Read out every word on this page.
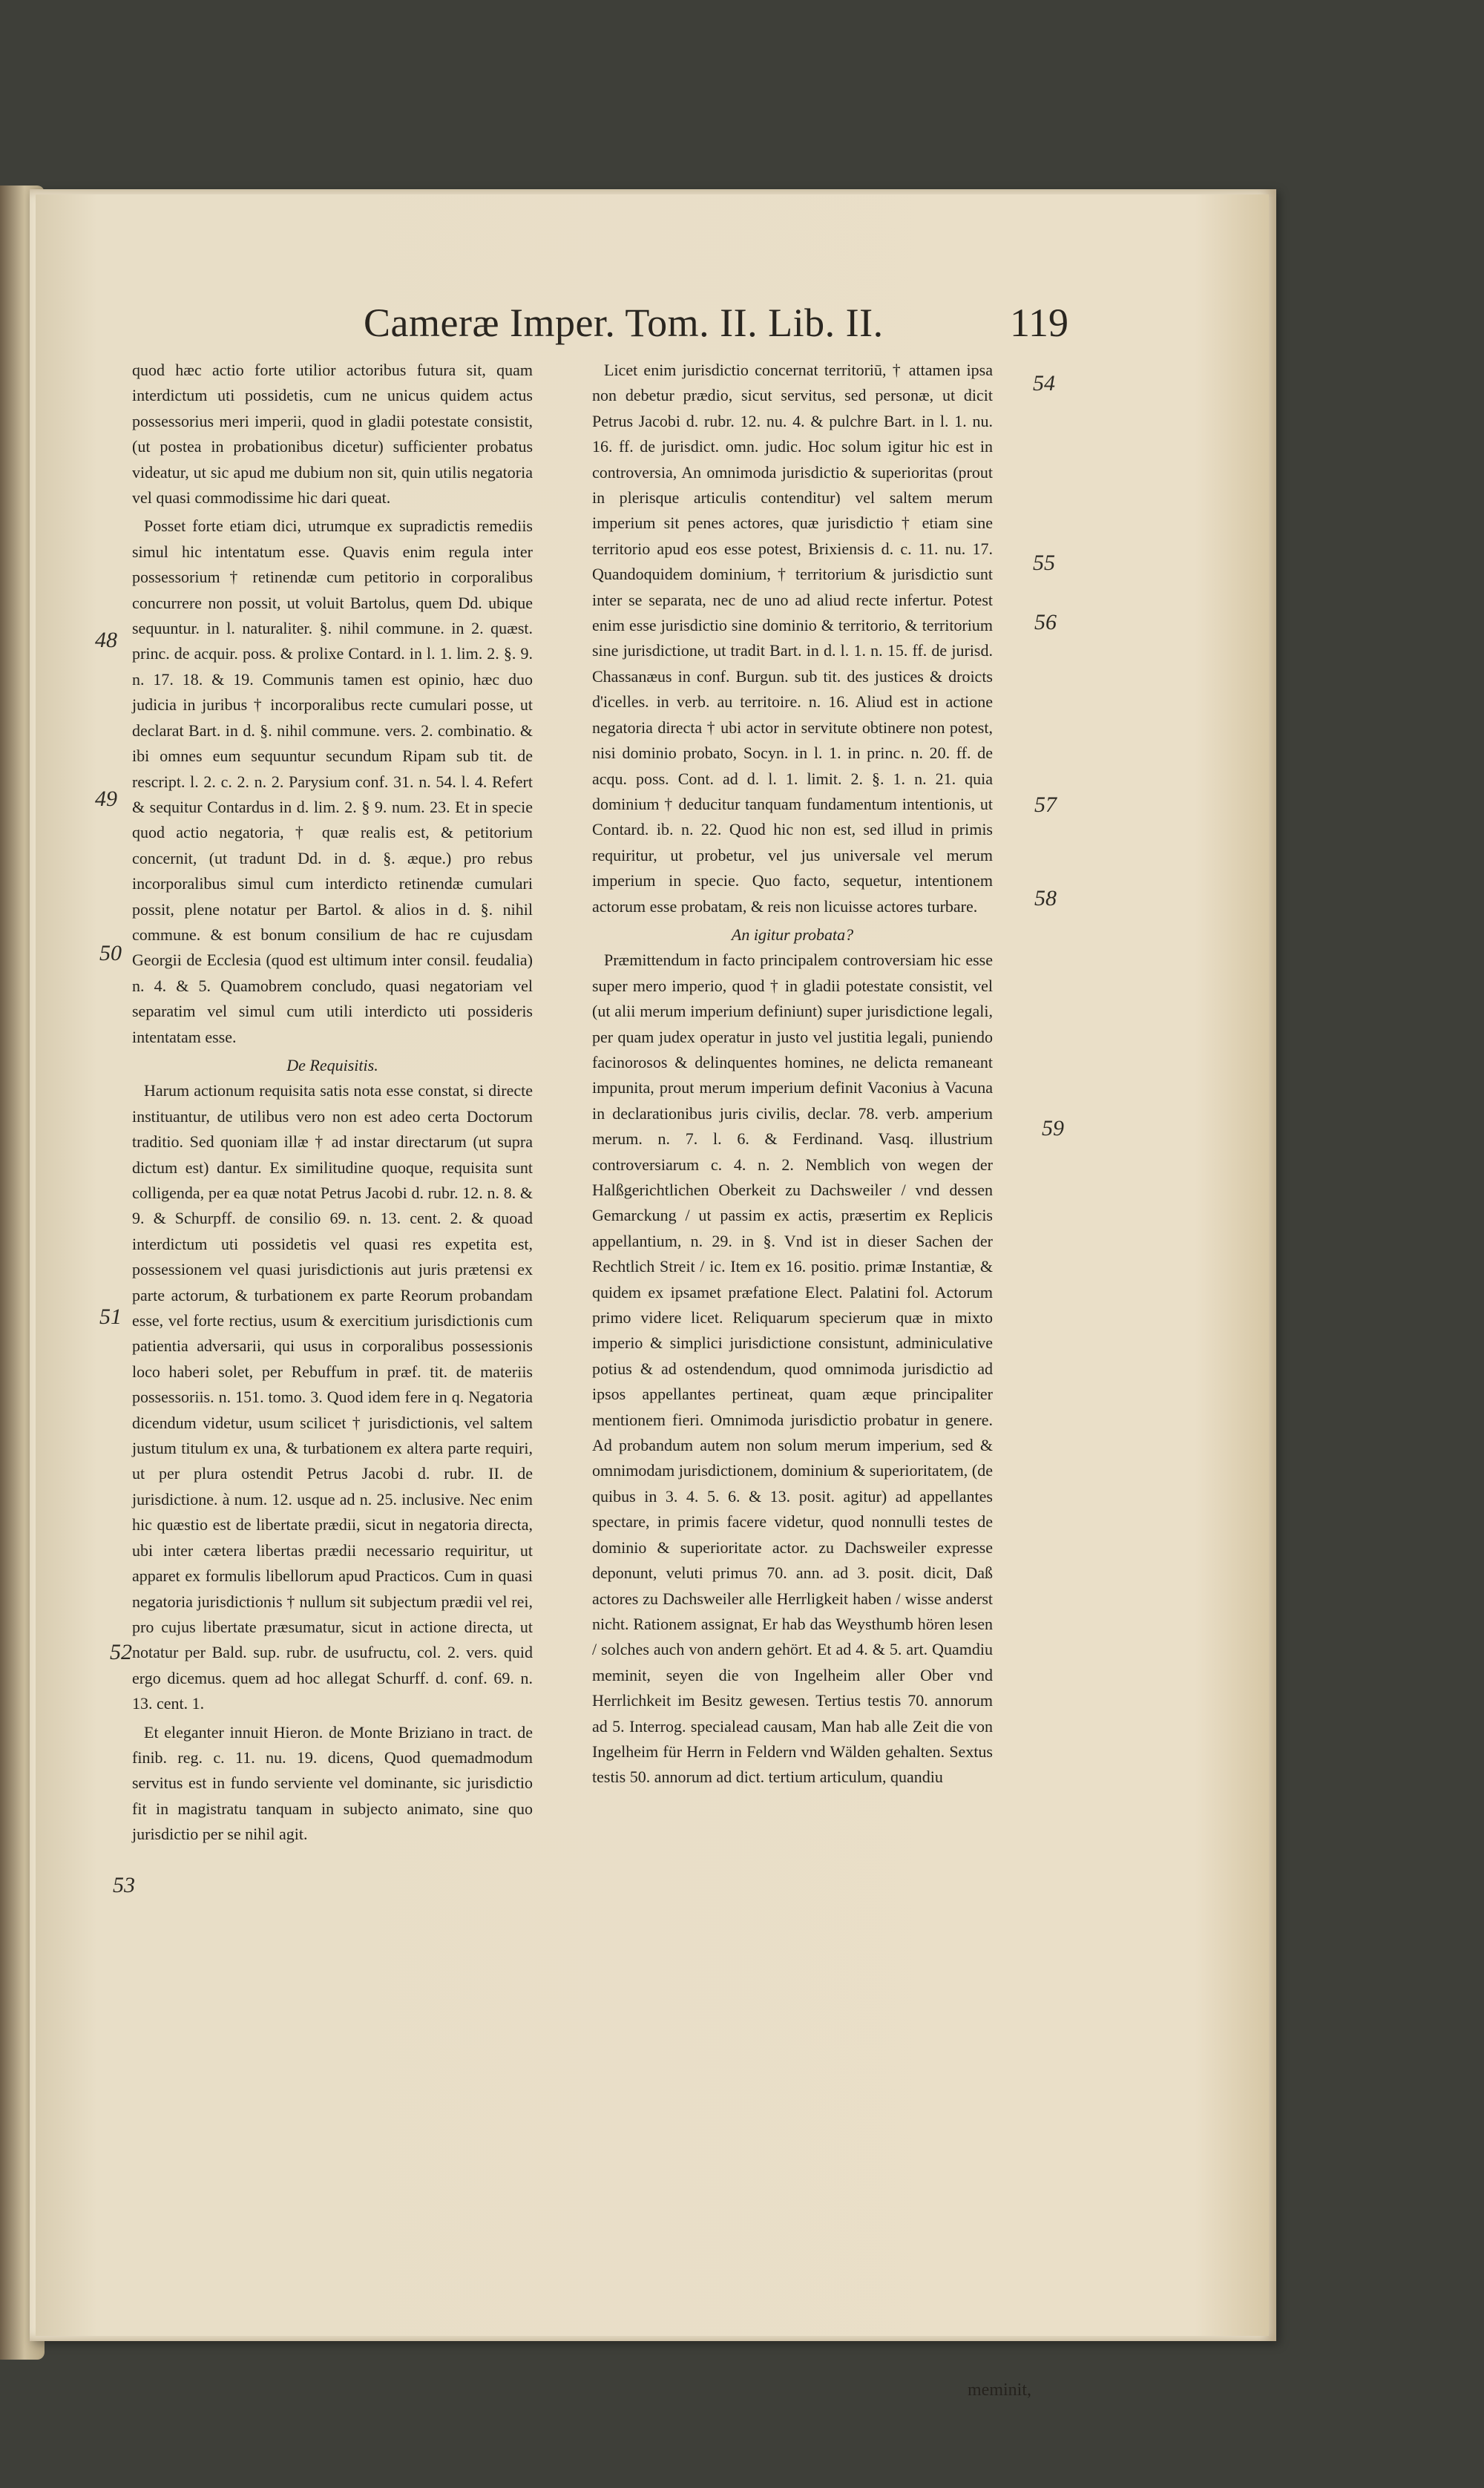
Cameræ Imper. Tom. II. Lib. II.	119

quod hæc actio forte utilior actoribus futura sit, quam interdictum uti possidetis, cum ne unicus quidem actus possessorius meri imperii, quod in gladii potestate consistit, (ut postea in probationibus dicetur) sufficienter probatus videatur, ut sic apud me dubium non sit, quin utilis negatoria vel quasi commodissime hic dari queat.

Posset forte etiam dici, utrumque ex supradictis remediis simul hic intentatum esse. Quavis enim regula inter possessorium † retinendæ cum petitorio in corporalibus concurrere non possit, ut voluit Bartolus, quem Dd. ubique sequuntur. in l. naturaliter. §. nihil commune. in 2. quæst. princ. de acquir. poss. & prolixe Contard. in l. 1. lim. 2. §. 9. n. 17. 18. & 19. Communis tamen est opinio, hæc duo judicia in juribus † incorporalibus recte cumulari posse, ut declarat Bart. in d. §. nihil commune. vers. 2. combinatio. & ibi omnes eum sequuntur secundum Ripam sub tit. de rescript. l. 2. c. 2. n. 2. Parysium conf. 31. n. 54. l. 4. Refert & sequitur Contardus in d. lim. 2. § 9. num. 23. Et in specie quod actio negatoria, † quæ realis est, & petitorium concernit, (ut tradunt Dd. in d. §. æque.) pro rebus incorporalibus simul cum interdicto retinendæ cumulari possit, plene notatur per Bartol. & alios in d. §. nihil commune. & est bonum consilium de hac re cujusdam Georgii de Ecclesia (quod est ultimum inter consil. feudalia) n. 4. & 5. Quamobrem concludo, quasi negatoriam vel separatim vel simul cum utili interdicto uti possideris intentatam esse.

De Requisitis.

Harum actionum requisita satis nota esse constat, si directe instituantur, de utilibus vero non est adeo certa Doctorum traditio. Sed quoniam illæ † ad instar directarum (ut supra dictum est) dantur. Ex similitudine quoque, requisita sunt colligenda, per ea quæ notat Petrus Jacobi d. rubr. 12. n. 8. & 9. & Schurpff. de consilio 69. n. 13. cent. 2. & quoad interdictum uti possidetis vel quasi res expetita est, possessionem vel quasi jurisdictionis aut juris prætensi ex parte actorum, & turbationem ex parte Reorum probandam esse, vel forte rectius, usum & exercitium jurisdictionis cum patientia adversarii, qui usus in corporalibus possessionis loco haberi solet, per Rebuffum in præf. tit. de materiis possessoriis. n. 151. tomo. 3. Quod idem fere in q. Negatoria dicendum videtur, usum scilicet † jurisdictionis, vel saltem justum titulum ex una, & turbationem ex altera parte requiri, ut per plura ostendit Petrus Jacobi d. rubr. II. de jurisdictione. à num. 12. usque ad n. 25. inclusive. Nec enim hic quæstio est de libertate prædii, sicut in negatoria directa, ubi inter cætera libertas prædii necessario requiritur, ut apparet ex formulis libellorum apud Practicos. Cum in quasi negatoria jurisdictionis † nullum sit subjectum prædii vel rei, pro cujus libertate præsumatur, sicut in actione directa, ut notatur per Bald. sup. rubr. de usufructu, col. 2. vers. quid ergo dicemus. quem ad hoc allegat Schurff. d. conf. 69. n. 13. cent. 1.

Et eleganter innuit Hieron. de Monte Briziano in tract. de finib. reg. c. 11. nu. 19. dicens, Quod quemadmodum servitus est in fundo serviente vel dominante, sic jurisdictio fit in magistratu tanquam in subjecto animato, sine quo jurisdictio per se nihil agit.

Licet enim jurisdictio concernat territoriū, † attamen ipsa non debetur prædio, sicut servitus, sed personæ, ut dicit Petrus Jacobi d. rubr. 12. nu. 4. & pulchre Bart. in l. 1. nu. 16. ff. de jurisdict. omn. judic. Hoc solum igitur hic est in controversia, An omnimoda jurisdictio & superioritas (prout in plerisque articulis contenditur) vel saltem merum imperium sit penes actores, quæ jurisdictio † etiam sine territorio apud eos esse potest, Brixiensis d. c. 11. nu. 17. Quandoquidem dominium, † territorium & jurisdictio sunt inter se separata, nec de uno ad aliud recte infertur. Potest enim esse jurisdictio sine dominio & territorio, & territorium sine jurisdictione, ut tradit Bart. in d. l. 1. n. 15. ff. de jurisd. Chassanæus in conf. Burgun. sub tit. des justices & droicts d'icelles. in verb. au territoire. n. 16. Aliud est in actione negatoria directa † ubi actor in servitute obtinere non potest, nisi dominio probato, Socyn. in l. 1. in princ. n. 20. ff. de acqu. poss. Cont. ad d. l. 1. limit. 2. §. 1. n. 21. quia dominium † deducitur tanquam fundamentum intentionis, ut Contard. ib. n. 22. Quod hic non est, sed illud in primis requiritur, ut probetur, vel jus universale vel merum imperium in specie. Quo facto, sequetur, intentionem actorum esse probatam, & reis non licuisse actores turbare.

An igitur probata?

Præmittendum in facto principalem controversiam hic esse super mero imperio, quod † in gladii potestate consistit, vel (ut alii merum imperium definiunt) super jurisdictione legali, per quam judex operatur in justo vel justitia legali, puniendo facinorosos & delinquentes homines, ne delicta remaneant impunita, prout merum imperium definit Vaconius à Vacuna in declarationibus juris civilis, declar. 78. verb. amperium merum. n. 7. l. 6. & Ferdinand. Vasq. illustrium controversiarum c. 4. n. 2. Nemblich von wegen der Halßgerichtlichen Oberkeit zu Dachsweiler / vnd dessen Gemarckung / ut passim ex actis, præsertim ex Replicis appellantium, n. 29. in §. Vnd ist in dieser Sachen der Rechtlich Streit / ic. Item ex 16. positio. primæ Instantiæ, & quidem ex ipsamet præfatione Elect. Palatini fol. Actorum primo videre licet. Reliquarum specierum quæ in mixto imperio & simplici jurisdictione consistunt, adminiculative potius & ad ostendendum, quod omnimoda jurisdictio ad ipsos appellantes pertineat, quam æque principaliter mentionem fieri. Omnimoda jurisdictio probatur in genere. Ad probandum autem non solum merum imperium, sed & omnimodam jurisdictionem, dominium & superioritatem, (de quibus in 3. 4. 5. 6. & 13. posit. agitur) ad appellantes spectare, in primis facere videtur, quod nonnulli testes de dominio & superioritate actor. zu Dachsweiler expresse deponunt, veluti primus 70. ann. ad 3. posit. dicit, Daß actores zu Dachsweiler alle Herrligkeit haben / wisse anderst nicht. Rationem assignat, Er hab das Weysthumb hören lesen / solches auch von andern gehört. Et ad 4. & 5. art. Quamdiu meminit, seyen die von Ingelheim aller Ober vnd Herrlichkeit im Besitz gewesen. Tertius testis 70. annorum ad 5. Interrog. specialead causam, Man hab alle Zeit die von Ingelheim für Herrn in Feldern vnd Wälden gehalten. Sextus testis 50. annorum ad dict. tertium articulum, quandiu

48
49
50
51
52
53
54
55
56
57
58
59
meminit,
